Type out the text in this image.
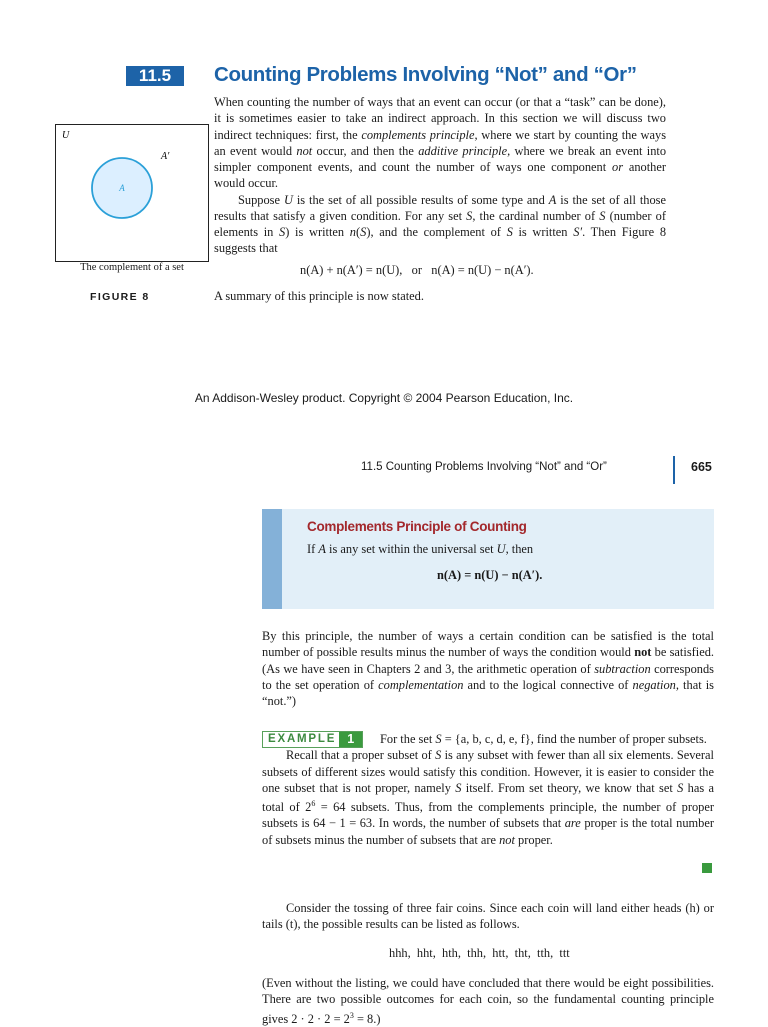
11.5	Counting Problems Involving “Not” and “Or”

When counting the number of ways that an event can occur (or that a “task” can be done), it is sometimes easier to take an indirect approach. In this section we will discuss two indirect techniques: first, the complements principle, where we start by counting the ways an event would not occur, and then the additive principle, where we break an event into simpler component events, and count the number of ways one component or another would occur.

Suppose U is the set of all possible results of some type and A is the set of all those results that satisfy a given condition. For any set S, the cardinal number of S (number of elements in S) is written n(S), and the complement of S is written S′. Then Figure 8 suggests that

n(A) + n(A′) = n(U),   or   n(A) = n(U) − n(A′).
A summary of this principle is now stated.
U
A′
A
The complement of a set
FIGURE 8
An Addison-Wesley product. Copyright © 2004 Pearson Education, Inc.
11.5 Counting Problems Involving “Not” and “Or”	665
Complements Principle of Counting
If A is any set within the universal set U, then
n(A) = n(U) − n(A′).

By this principle, the number of ways a certain condition can be satisfied is the total number of possible results minus the number of ways the condition would not be satisfied. (As we have seen in Chapters 2 and 3, the arithmetic operation of subtraction corresponds to the set operation of complementation and to the logical connective of negation, that is “not.”)

EXAMPLE 1	For the set S = {a, b, c, d, e, f}, find the number of proper subsets.

Recall that a proper subset of S is any subset with fewer than all six elements. Several subsets of different sizes would satisfy this condition. However, it is easier to consider the one subset that is not proper, namely S itself. From set theory, we know that set S has a total of $2^6 = 64$ subsets. Thus, from the complements principle, the number of proper subsets is 64 − 1 = 63. In words, the number of subsets that are proper is the total number of subsets minus the number of subsets that are not proper.

Consider the tossing of three fair coins. Since each coin will land either heads (h) or tails (t), the possible results can be listed as follows.

hhh,  hht,  hth,  thh,  htt,  tht,  tth,  ttt

(Even without the listing, we could have concluded that there would be eight possibilities. There are two possible outcomes for each coin, so the fundamental counting principle gives $2 \cdot 2 \cdot 2 = 2^3 = 8$.)
